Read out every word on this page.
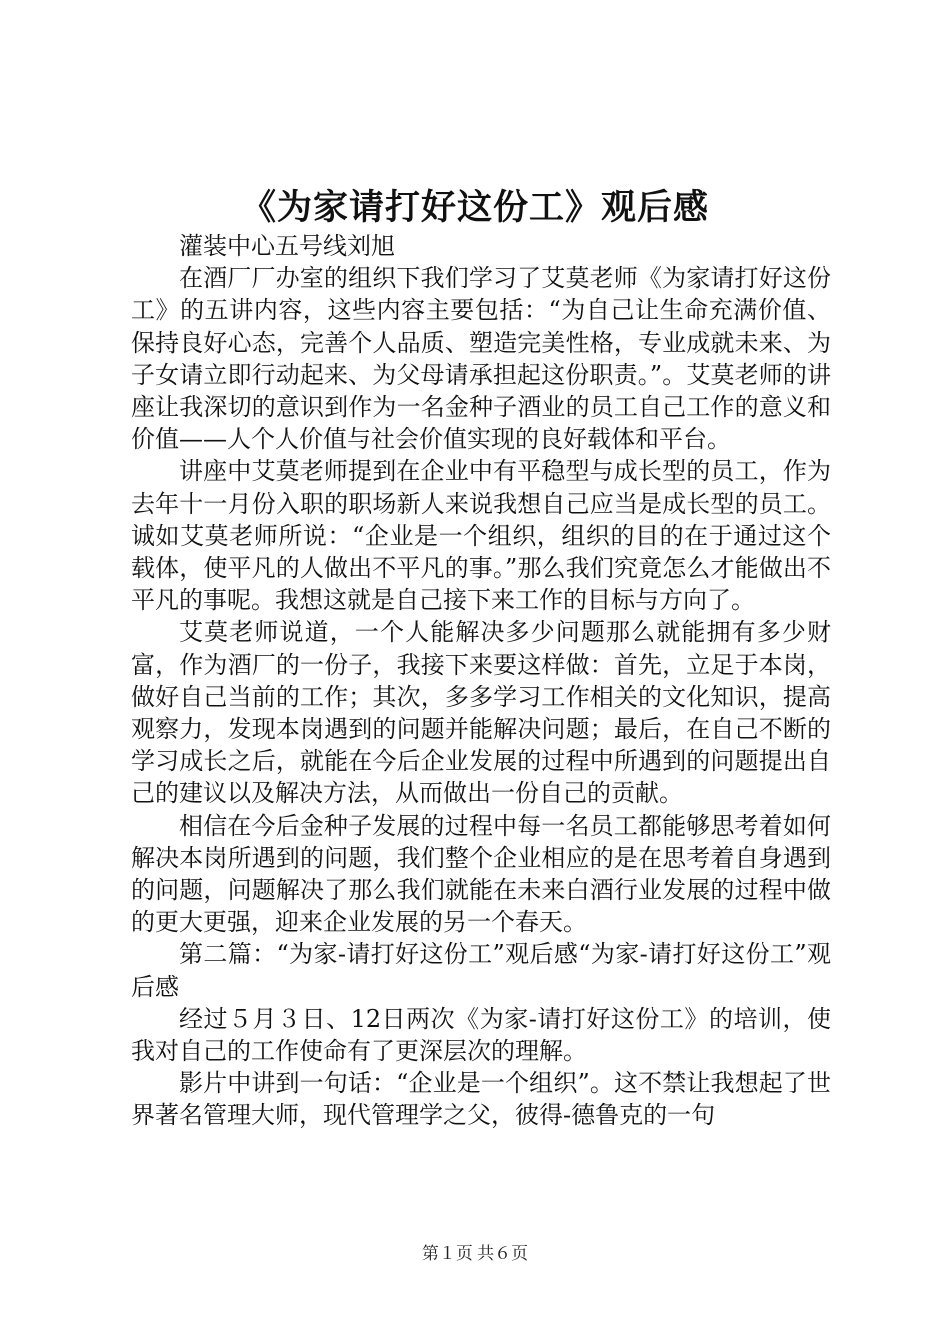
《为家请打好这份工》观后感

灌装中心五号线刘旭

在酒厂厂办室的组织下我们学习了艾莫老师《为家请打好这份工》的五讲内容，这些内容主要包括：“为自己让生命充满价值、保持良好心态，完善个人品质、塑造完美性格，专业成就未来、为子女请立即行动起来、为父母请承担起这份职责。”。艾莫老师的讲座让我深切的意识到作为一名金种子酒业的员工自己工作的意义和价值——人个人价值与社会价值实现的良好载体和平台。

讲座中艾莫老师提到在企业中有平稳型与成长型的员工，作为去年十一月份入职的职场新人来说我想自己应当是成长型的员工。诚如艾莫老师所说：“企业是一个组织，组织的目的在于通过这个载体，使平凡的人做出不平凡的事。”那么我们究竟怎么才能做出不平凡的事呢。我想这就是自己接下来工作的目标与方向了。

艾莫老师说道，一个人能解决多少问题那么就能拥有多少财富，作为酒厂的一份子，我接下来要这样做：首先，立足于本岗，做好自己当前的工作；其次，多多学习工作相关的文化知识，提高观察力，发现本岗遇到的问题并能解决问题；最后，在自己不断的学习成长之后，就能在今后企业发展的过程中所遇到的问题提出自己的建议以及解决方法，从而做出一份自己的贡献。

相信在今后金种子发展的过程中每一名员工都能够思考着如何解决本岗所遇到的问题，我们整个企业相应的是在思考着自身遇到的问题，问题解决了那么我们就能在未来白酒行业发展的过程中做的更大更强，迎来企业发展的另一个春天。

第二篇：“为家-请打好这份工”观后感“为家-请打好这份工”观后感

经过５月３日、12日两次《为家-请打好这份工》的培训，使我对自己的工作使命有了更深层次的理解。

影片中讲到一句话：“企业是一个组织”。这不禁让我想起了世界著名管理大师，现代管理学之父，彼得-德鲁克的一句

第１页 共６页
